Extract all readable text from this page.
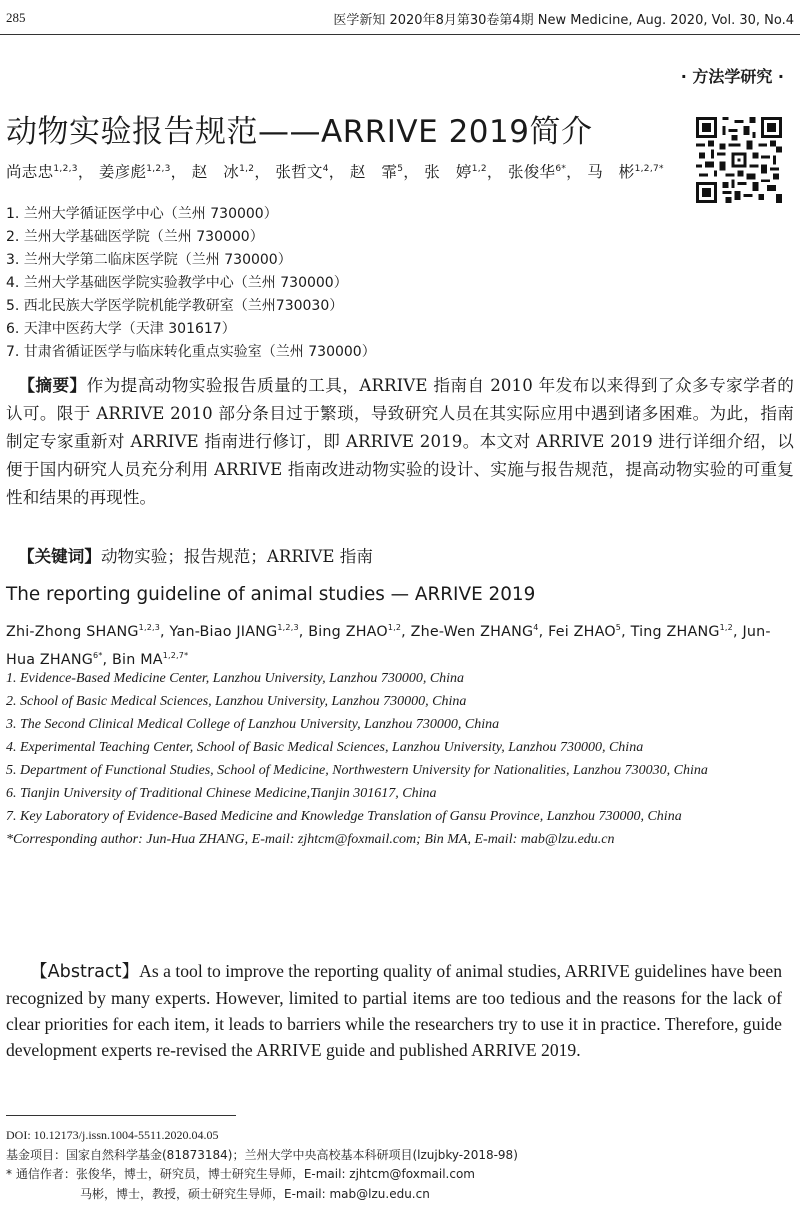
285	医学新知 2020年8月第30卷第4期 New Medicine, Aug. 2020, Vol. 30, No.4
· 方法学研究 ·
动物实验报告规范——ARRIVE 2019简介
尚志忠$^{1,2,3}$， 姜彦彪$^{1,2,3}$， 赵　冰$^{1,2}$， 张哲文$^4$， 赵　霏$^5$， 张　婷$^{1,2}$， 张俊华$^{6*}$， 马　彬$^{1,2,7*}$
1. 兰州大学循证医学中心（兰州 730000）
2. 兰州大学基础医学院（兰州 730000）
3. 兰州大学第二临床医学院（兰州 730000）
4. 兰州大学基础医学院实验教学中心（兰州 730000）
5. 西北民族大学医学院机能学教研室（兰州730030）
6. 天津中医药大学（天津 301617）
7. 甘肃省循证医学与临床转化重点实验室（兰州 730000）

【摘要】作为提高动物实验报告质量的工具，ARRIVE 指南自 2010 年发布以来得到了众多专家学者的认可。限于 ARRIVE 2010 部分条目过于繁琐，导致研究人员在其实际应用中遇到诸多困难。为此，指南制定专家重新对 ARRIVE 指南进行修订，即 ARRIVE 2019。本文对 ARRIVE 2019 进行详细介绍，以便于国内研究人员充分利用 ARRIVE 指南改进动物实验的设计、实施与报告规范，提高动物实验的可重复性和结果的再现性。

【关键词】动物实验；报告规范；ARRIVE 指南

The reporting guideline of animal studies — ARRIVE 2019
Zhi-Zhong SHANG$^{1,2,3}$, Yan-Biao JIANG$^{1,2,3}$, Bing ZHAO$^{1,2}$, Zhe-Wen ZHANG$^4$, Fei ZHAO$^5$, Ting ZHANG$^{1,2}$, Jun-Hua $ZHANG^{6*}$, Bin $MA^{1,2,7*}$
1. Evidence-Based Medicine Center, Lanzhou University, Lanzhou 730000, China
2. School of Basic Medical Sciences, Lanzhou University, Lanzhou 730000, China
3. The Second Clinical Medical College of Lanzhou University, Lanzhou 730000, China
4. Experimental Teaching Center, School of Basic Medical Sciences, Lanzhou University, Lanzhou 730000, China
5. Department of Functional Studies, School of Medicine, Northwestern University for Nationalities, Lanzhou 730030, China
6. Tianjin University of Traditional Chinese Medicine,Tianjin 301617, China
7. Key Laboratory of Evidence-Based Medicine and Knowledge Translation of Gansu Province, Lanzhou 730000, China
*Corresponding author: Jun-Hua ZHANG, E-mail: zjhtcm@foxmail.com; Bin MA, E-mail: mab@lzu.edu.cn

【Abstract】As a tool to improve the reporting quality of animal studies, ARRIVE guidelines have been recognized by many experts. However, limited to partial items are too tedious and the reasons for the lack of clear priorities for each item, it leads to barriers while the researchers try to use it in practice. Therefore, guide development experts re-revised the ARRIVE guide and published ARRIVE 2019.

DOI: 10.12173/j.issn.1004-5511.2020.04.05
基金项目：国家自然科学基金(81873184)；兰州大学中央高校基本科研项目(lzujbky-2018-98)
* 通信作者：张俊华，博士，研究员，博士研究生导师，E-mail: zjhtcm@foxmail.com
马彬，博士，教授，硕士研究生导师，E-mail: mab@lzu.edu.cn
